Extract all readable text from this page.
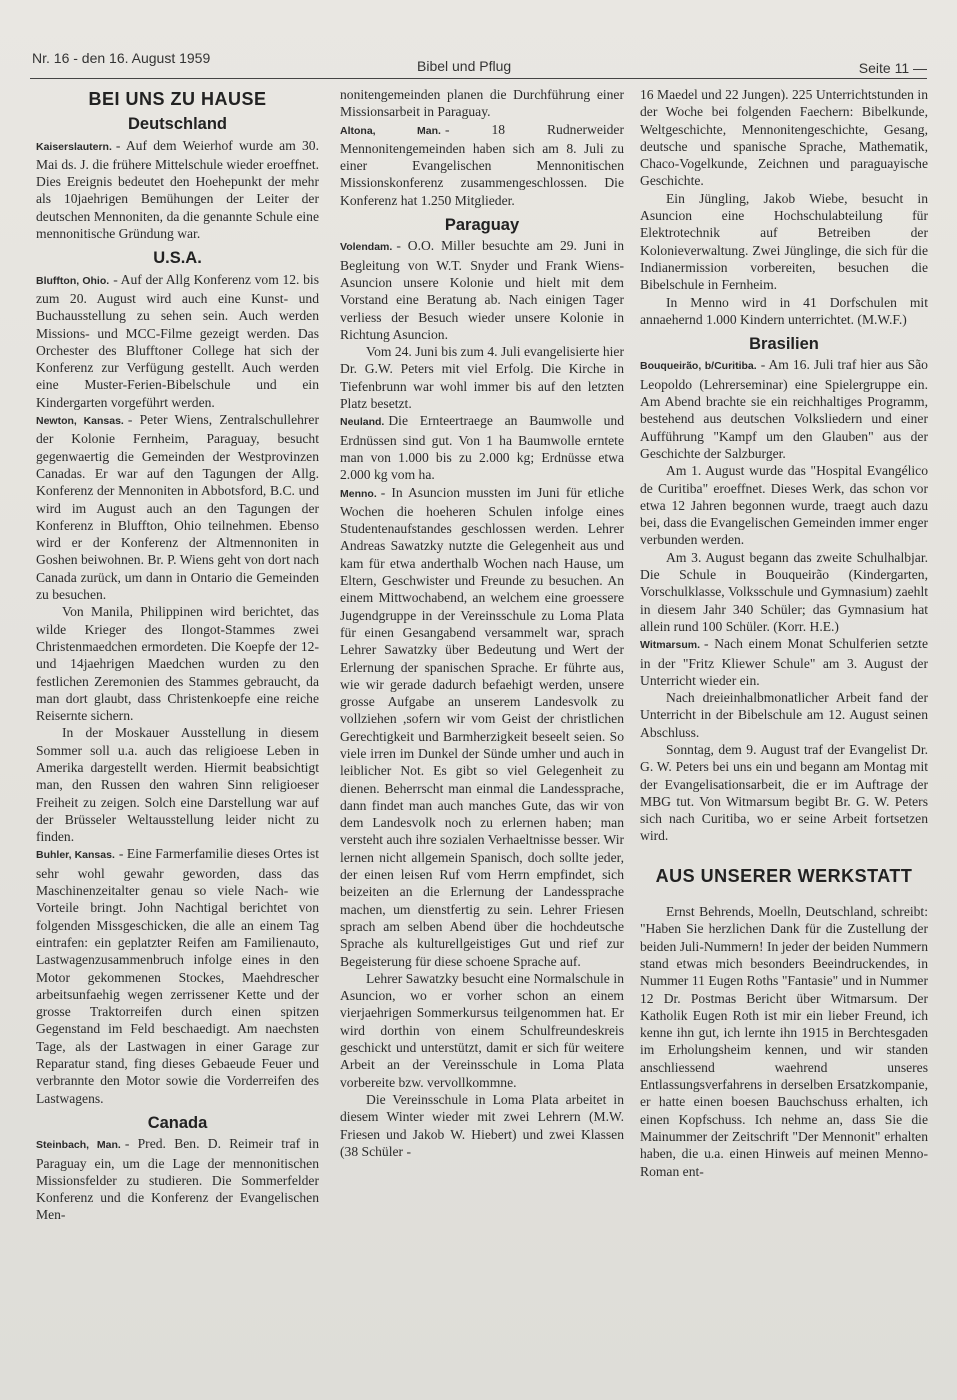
Nr. 16 - den 16. August 1959	Bibel und Pflug	Seite 11 —
BEI UNS ZU HAUSE
Deutschland

Kaiserslautern. - Auf dem Weierhof wurde am 30. Mai ds. J. die frühere Mittelschule wieder eroeffnet. Dies Ereignis bedeutet den Hoehepunkt der mehr als 10jaehrigen Bemühungen der Leiter der deutschen Mennoniten, da die genannte Schule eine mennonitische Gründung war.

U.S.A.

Bluffton, Ohio. - Auf der Allg Konferenz vom 12. bis zum 20. August wird auch eine Kunst- und Buchausstellung zu sehen sein. Auch werden Missions- und MCC-Filme gezeigt werden. Das Orchester des Blufftoner College hat sich der Konferenz zur Verfügung gestellt. Auch werden eine Muster-Ferien-Bibelschule und ein Kindergarten vorgeführt werden.

Newton, Kansas. - Peter Wiens, Zentralschullehrer der Kolonie Fernheim, Paraguay, besucht gegenwaertig die Gemeinden der Westprovinzen Canadas. Er war auf den Tagungen der Allg. Konferenz der Mennoniten in Abbotsford, B.C. und wird im August auch an den Tagungen der Konferenz in Bluffton, Ohio teilnehmen. Ebenso wird er der Konferenz der Altmennoniten in Goshen beiwohnen. Br. P. Wiens geht von dort nach Canada zurück, um dann in Ontario die Gemeinden zu besuchen.

Von Manila, Philippinen wird berichtet, das wilde Krieger des Ilongot-Stammes zwei Christenmaedchen ermordeten. Die Koepfe der 12- und 14jaehrigen Maedchen wurden zu den festlichen Zeremonien des Stammes gebraucht, da man dort glaubt, dass Christenkoepfe eine reiche Reisernte sichern.

In der Moskauer Ausstellung in diesem Sommer soll u.a. auch das religioese Leben in Amerika dargestellt werden. Hiermit beabsichtigt man, den Russen den wahren Sinn religioeser Freiheit zu zeigen. Solch eine Darstellung war auf der Brüsseler Weltausstellung leider nicht zu finden.

Buhler, Kansas. - Eine Farmerfamilie dieses Ortes ist sehr wohl gewahr geworden, dass das Maschinenzeitalter genau so viele Nach- wie Vorteile bringt. John Nachtigal berichtet von folgenden Missgeschicken, die alle an einem Tag eintrafen: ein geplatzter Reifen am Familienauto, Lastwagenzusammenbruch infolge eines in den Motor gekommenen Stockes, Maehdrescher arbeitsunfaehig wegen zerrissener Kette und der grosse Traktorreifen durch einen spitzen Gegenstand im Feld beschaedigt. Am naechsten Tage, als der Lastwagen in einer Garage zur Reparatur stand, fing dieses Gebaeude Feuer und verbrannte den Motor sowie die Vorderreifen des Lastwagens.

Canada

Steinbach, Man. - Pred. Ben. D. Reimeir traf in Paraguay ein, um die Lage der mennonitischen Missionsfelder zu studieren. Die Sommerfelder Konferenz und die Konferenz der Evangelischen Men-

nonitengemeinden planen die Durchführung einer Missionsarbeit in Paraguay.

Altona, Man. - 18 Rudnerweider Mennonitengemeinden haben sich am 8. Juli zu einer Evangelischen Mennonitischen Missionskonferenz zusammengeschlossen. Die Konferenz hat 1.250 Mitglieder.

Paraguay

Volendam. - O.O. Miller besuchte am 29. Juni in Begleitung von W.T. Snyder und Frank Wiens-Asuncion unsere Kolonie und hielt mit dem Vorstand eine Beratung ab. Nach einigen Tager verliess der Besuch wieder unsere Kolonie in Richtung Asuncion.

Vom 24. Juni bis zum 4. Juli evangelisierte hier Dr. G.W. Peters mit viel Erfolg. Die Kirche in Tiefenbrunn war wohl immer bis auf den letzten Platz besetzt.

Neuland. Die Ernteertraege an Baumwolle und Erdnüssen sind gut. Von 1 ha Baumwolle erntete man von 1.000 bis zu 2.000 kg; Erdnüsse etwa 2.000 kg vom ha.

Menno. - In Asuncion mussten im Juni für etliche Wochen die hoeheren Schulen infolge eines Studentenaufstandes geschlossen werden. Lehrer Andreas Sawatzky nutzte die Gelegenheit aus und kam für etwa anderthalb Wochen nach Hause, um Eltern, Geschwister und Freunde zu besuchen. An einem Mittwochabend, an welchem eine groessere Jugendgruppe in der Vereinsschule zu Loma Plata für einen Gesangabend versammelt war, sprach Lehrer Sawatzky über Bedeutung und Wert der Erlernung der spanischen Sprache. Er führte aus, wie wir gerade dadurch befaehigt werden, unsere grosse Aufgabe an unserem Landesvolk zu vollziehen ,sofern wir vom Geist der christlichen Gerechtigkeit und Barmherzigkeit beseelt seien. So viele irren im Dunkel der Sünde umher und auch in leiblicher Not. Es gibt so viel Gelegenheit zu dienen. Beherrscht man einmal die Landessprache, dann findet man auch manches Gute, das wir von dem Landesvolk noch zu erlernen haben; man versteht auch ihre sozialen Verhaeltnisse besser. Wir lernen nicht allgemein Spanisch, doch sollte jeder, der einen leisen Ruf vom Herrn empfindet, sich beizeiten an die Erlernung der Landessprache machen, um dienstfertig zu sein. Lehrer Friesen sprach am selben Abend über die hochdeutsche Sprache als kulturellgeistiges Gut und rief zur Begeisterung für diese schoene Sprache auf.

Lehrer Sawatzky besucht eine Normalschule in Asuncion, wo er vorher schon an einem vierjaehrigen Sommerkursus teilgenommen hat. Er wird dorthin von einem Schulfreundeskreis geschickt und unterstützt, damit er sich für weitere Arbeit an der Vereinsschule in Loma Plata vorbereite bzw. vervollkommne.

Die Vereinsschule in Loma Plata arbeitet in diesem Winter wieder mit zwei Lehrern (M.W. Friesen und Jakob W. Hiebert) und zwei Klassen (38 Schüler -

16 Maedel und 22 Jungen). 225 Unterrichtstunden in der Woche bei folgenden Faechern: Bibelkunde, Weltgeschichte, Mennonitengeschichte, Gesang, deutsche und spanische Sprache, Mathematik, Chaco-Vogelkunde, Zeichnen und paraguayische Geschichte.

Ein Jüngling, Jakob Wiebe, besucht in Asuncion eine Hochschulabteilung für Elektrotechnik auf Betreiben der Kolonieverwaltung. Zwei Jünglinge, die sich für die Indianermission vorbereiten, besuchen die Bibelschule in Fernheim.

In Menno wird in 41 Dorfschulen mit annaehernd 1.000 Kindern unterrichtet. (M.W.F.)

Brasilien

Bouqueirão, b/Curitiba. - Am 16. Juli traf hier aus São Leopoldo (Lehrerseminar) eine Spielergruppe ein. Am Abend brachte sie ein reichhaltiges Programm, bestehend aus deutschen Volksliedern und einer Aufführung "Kampf um den Glauben" aus der Geschichte der Salzburger.

Am 1. August wurde das "Hospital Evangélico de Curitiba" eroeffnet. Dieses Werk, das schon vor etwa 12 Jahren begonnen wurde, traegt auch dazu bei, dass die Evangelischen Gemeinden immer enger verbunden werden.

Am 3. August begann das zweite Schulhalbjar. Die Schule in Bouqueirão (Kindergarten, Vorschulklasse, Volksschule und Gymnasium) zaehlt in diesem Jahr 340 Schüler; das Gymnasium hat allein rund 100 Schüler. (Korr. H.E.)

Witmarsum. - Nach einem Monat Schulferien setzte in der "Fritz Kliewer Schule" am 3. August der Unterricht wieder ein.

Nach dreieinhalbmonatlicher Arbeit fand der Unterricht in der Bibelschule am 12. August seinen Abschluss.

Sonntag, dem 9. August traf der Evangelist Dr. G. W. Peters bei uns ein und begann am Montag mit der Evangelisationsarbeit, die er im Auftrage der MBG tut. Von Witmarsum begibt Br. G. W. Peters sich nach Curitiba, wo er seine Arbeit fortsetzen wird.

AUS UNSERER WERKSTATT

Ernst Behrends, Moelln, Deutschland, schreibt: "Haben Sie herzlichen Dank für die Zustellung der beiden Juli-Nummern! In jeder der beiden Nummern stand etwas mich besonders Beeindruckendes, in Nummer 11 Eugen Roths "Fantasie" und in Nummer 12 Dr. Postmas Bericht über Witmarsum. Der Katholik Eugen Roth ist mir ein lieber Freund, ich kenne ihn gut, ich lernte ihn 1915 in Berchtesgaden im Erholungsheim kennen, und wir standen anschliessend waehrend unseres Entlassungsverfahrens in derselben Ersatzkompanie, er hatte einen boesen Bauchschuss erhalten, ich einen Kopfschuss. Ich nehme an, dass Sie die Mainummer der Zeitschrift "Der Mennonit" erhalten haben, die u.a. einen Hinweis auf meinen Menno-Roman ent-
